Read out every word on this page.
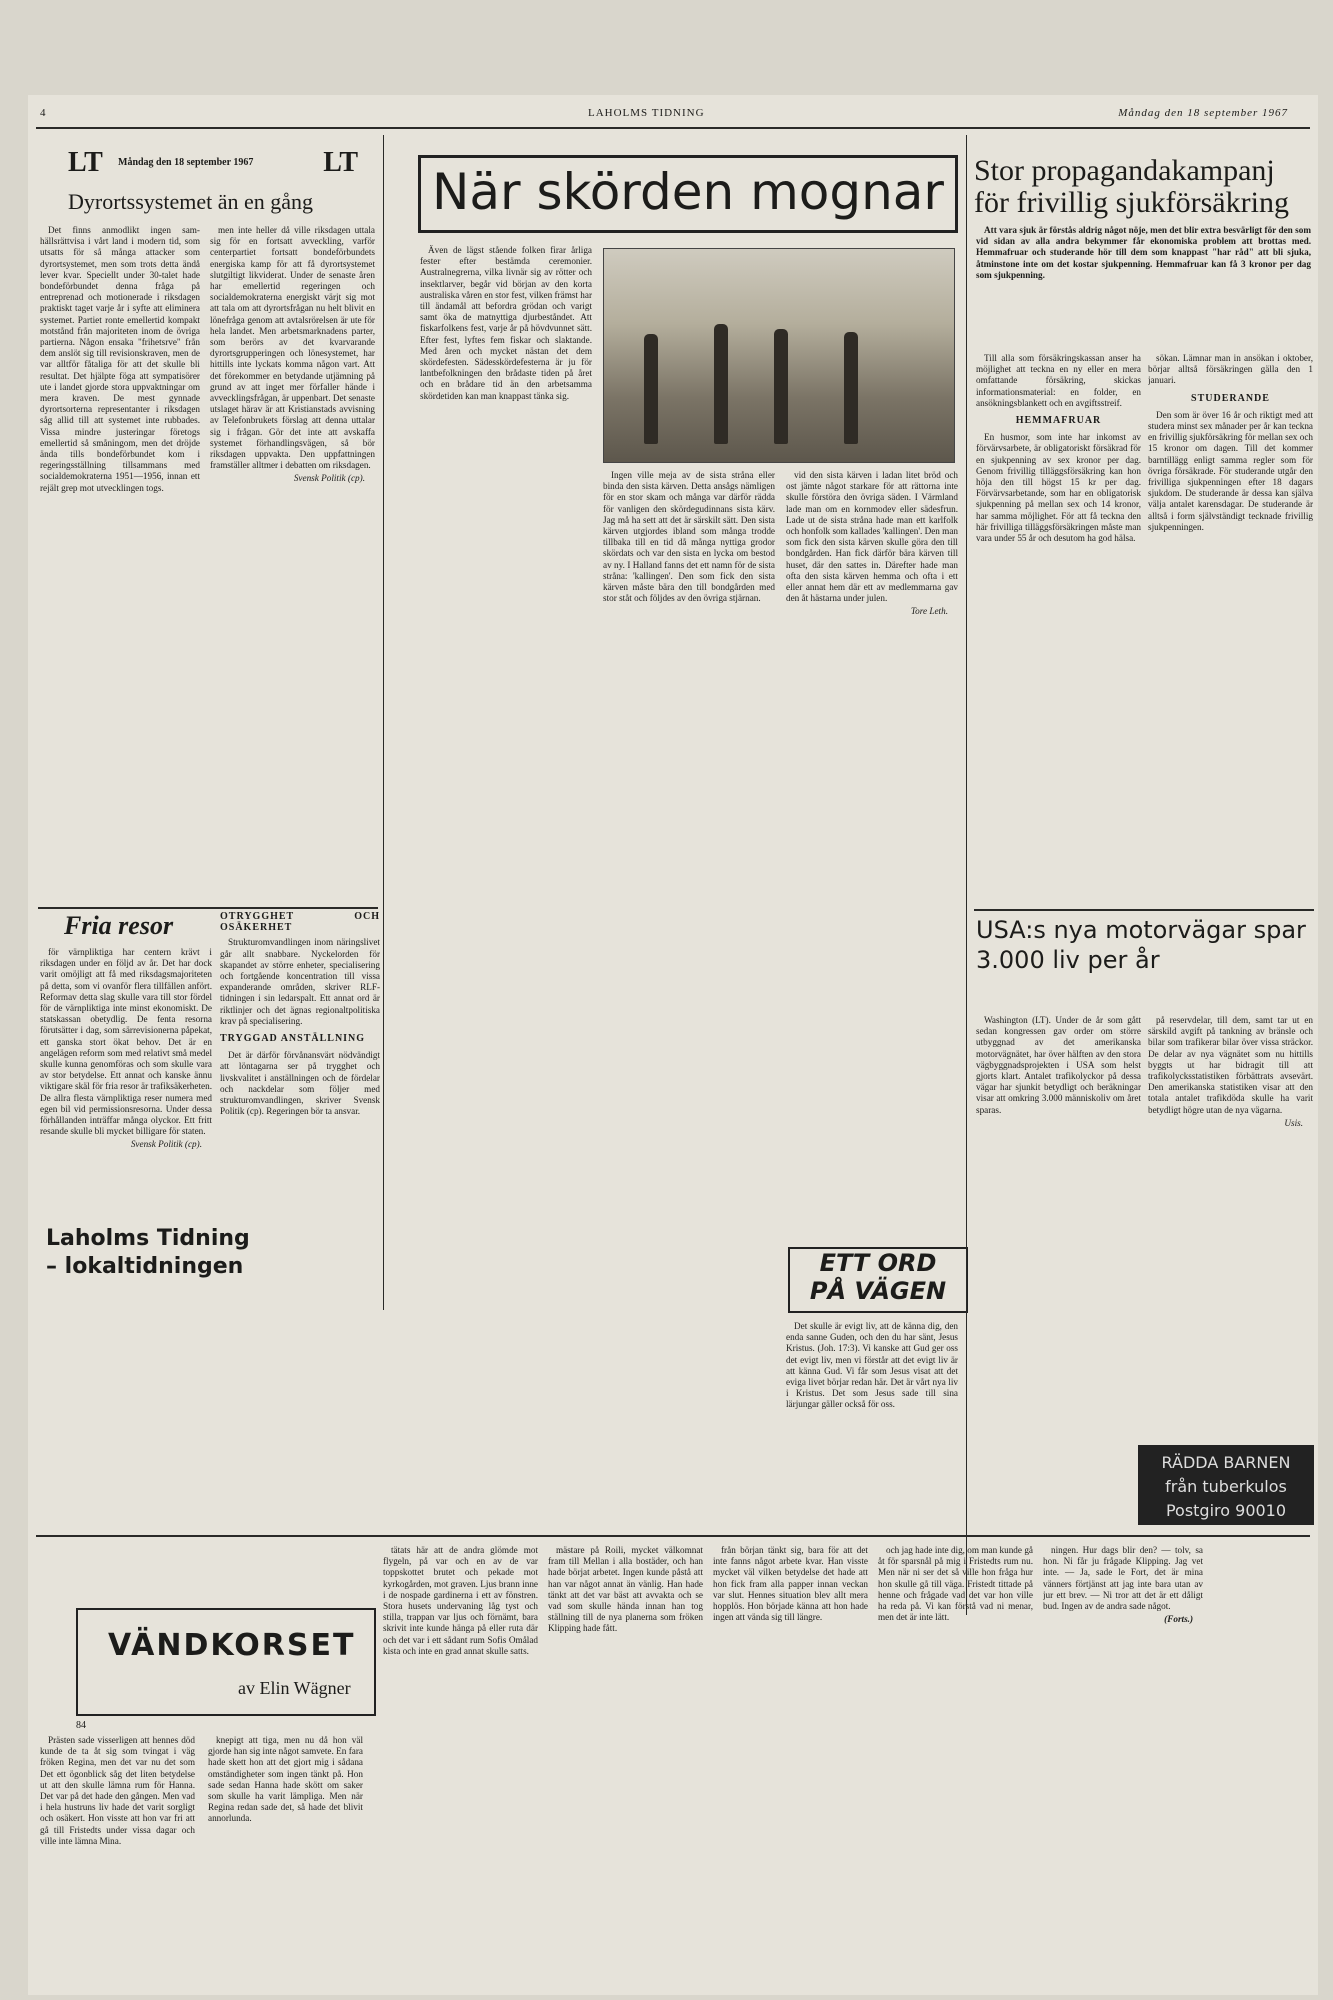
4	LAHOLMS TIDNING	Måndag den 18 september 1967
LT Måndag den 18 september 1967 LT
Dyrortssystemet än en gång

Det finns anmodlikt ingen sam-hällsrättvisa i vårt land i modern tid, som utsatts för så många attacker som dyrortsystemet, men som trots detta ändå lever kvar. Speciellt under 30-talet hade bondeförbundet denna fråga på entreprenad och motionerade i riksdagen praktiskt taget varje år i syfte att eliminera systemet. Partiet ronte emellertid kompakt motstånd från majoriteten inom de övriga partierna. Någon ensaka "frihetsrve" från dem anslöt sig till revisionskraven, men de var alltför fåtaliga för att det skulle bli resultat. Det hjälpte föga att sympatisörer ute i landet gjorde stora uppvaktningar om mera kraven. De mest gynnade dyrortsorterna representanter i riksdagen såg allid till att systemet inte rubbades. Vissa mindre justeringar företogs emellertid så småningom, men det dröjde ända tills bondeförbundet kom i regeringsställning tillsammans med socialdemokraterna 1951—1956, innan ett rejält grep mot utvecklingen togs.

men inte heller då ville riksdagen uttala sig för en fortsatt avveckling, varför centerpartiet fortsatt bondeförbundets energiska kamp för att få dyrortsystemet slutgiltigt likviderat. Under de senaste åren har emellertid regeringen och socialdemokraterna energiskt värjt sig mot att tala om att dyrortsfrågan nu helt blivit en lönefråga genom att avtalsrörelsen är ute för hela landet. Men arbetsmarknadens parter, som berörs av det kvarvarande dyrortsgrupperingen och lönesystemet, har hittills inte lyckats komma någon vart. Att det förekommer en betydande utjämning på grund av att inget mer förfaller hände i avvecklingsfrågan, är uppenbart. Det senaste utslaget härav är att Kristianstads avvisning av Telefonbrukets förslag att denna uttalar sig i frågan. Gör det inte att avskaffa systemet förhandlingsvägen, så bör riksdagen uppvakta. Den uppfattningen framställer alltmer i debatten om riksdagen.

Svensk Politik (cp).

Fria resor

för värnpliktiga har centern krävt i riksdagen under en följd av år. Det har dock varit omöjligt att få med riksdagsmajoriteten på detta, som vi ovanför flera tillfällen anfört. Reformav detta slag skulle vara till stor fördel för de värnpliktiga inte minst ekonomiskt. De statskassan obetydlig. De fenta resorna förutsätter i dag, som särrevisionerna påpekat, ett ganska stort ökat behov. Det är en angelägen reform som med relativt små medel skulle kunna genomföras och som skulle vara av stor betydelse. Ett annat och kanske ännu viktigare skäl för fria resor är trafiksäkerheten. De allra flesta värnpliktiga reser numera med egen bil vid permissionsresorna. Under dessa förhållanden inträffar många olyckor. Ett fritt resande skulle bli mycket billigare för staten.

Svensk Politik (cp).

Laholms Tidning
– lokaltidningen
OTRYGGHET OCH OSÄKERHET

Strukturomvandlingen inom näringslivet går allt snabbare. Nyckelorden för skapandet av större enheter, specialisering och fortgående koncentration till vissa expanderande områden, skriver RLF-tidningen i sin ledarspalt. Ett annat ord är riktlinjer och det ägnas regionaltpolitiska krav på specialisering.

TRYGGAD ANSTÄLLNING

Det är därför förvånansvärt nödvändigt att löntagarna ser på trygghet och livskvalitet i anställningen och de fördelar och nackdelar som följer med strukturomvandlingen, skriver Svensk Politik (cp). Regeringen bör ta ansvar.

När skörden mognar

Även de lägst stående folken firar årliga fester efter bestämda ceremonier. Australnegrerna, vilka livnär sig av rötter och insektlarver, begår vid början av den korta australiska våren en stor fest, vilken främst har till ändamål att befordra grödan och varigt samt öka de matnyttiga djurbeståndet. Att fiskarfolkens fest, varje år på hövdvunnet sätt. Efter fest, lyftes fem fiskar och slaktande. Med åren och mycket nästan det dem skördefesten. Sädesskördefesterna är ju för lantbefolkningen den brådaste tiden på året och en brådare tid än den arbetsamma skördetiden kan man knappast tänka sig.

Ingen ville meja av de sista stråna eller binda den sista kärven. Detta ansågs nämligen för en stor skam och många var därför rädda för vanligen den skördegudinnans sista kärv. Jag må ha sett att det är särskilt sätt. Den sista kärven utgjordes ibland som många trodde tillbaka till en tid då många nyttiga grodor skördats och var den sista en lycka om bestod av ny. I Halland fanns det ett namn för de sista stråna: 'kallingen'. Den som fick den sista kärven måste bära den till bondgården med stor ståt och följdes av den övriga stjärnan.

vid den sista kärven i ladan litet bröd och ost jämte något starkare för att rättorna inte skulle förstöra den övriga säden. I Värmland lade man om en kornmodev eller sädesfrun. Lade ut de sista stråna hade man ett karlfolk och honfolk som kallades 'kallingen'. Den man som fick den sista kärven skulle göra den till bondgården. Han fick därför bära kärven till huset, där den sattes in. Därefter hade man ofta den sista kärven hemma och ofta i ett eller annat hem där ett av medlemmarna gav den åt hästarna under julen.

Tore Leth.

ETT ORD
PÅ VÄGEN

Det skulle är evigt liv, att de känna dig, den enda sanne Guden, och den du har sänt, Jesus Kristus. (Joh. 17:3). Vi kanske att Gud ger oss det evigt liv, men vi förstår att det evigt liv är att känna Gud. Vi får som Jesus visat att det eviga livet börjar redan här. Det är vårt nya liv i Kristus. Det som Jesus sade till sina lärjungar gäller också för oss.

Stor propagandakampanj för frivillig sjukförsäkring

Att vara sjuk är förstås aldrig något nöje, men det blir extra besvärligt för den som vid sidan av alla andra bekymmer får ekonomiska problem att brottas med. Hemmafruar och studerande hör till dem som knappast "har råd" att bli sjuka, åtminstone inte om det kostar sjukpenning. Hemmafruar kan få 3 kronor per dag som sjukpenning.

Till alla som försäkringskassan anser ha möjlighet att teckna en ny eller en mera omfattande försäkring, skickas informationsmaterial: en folder, en ansökningsblankett och en avgiftsstreif.

HEMMAFRUAR

En husmor, som inte har inkomst av förvärvsarbete, är obligatoriskt försäkrad för en sjukpenning av sex kronor per dag. Genom frivillig tilläggsförsäkring kan hon höja den till högst 15 kr per dag. Förvärvsarbetande, som har en obligatorisk sjukpenning på mellan sex och 14 kronor, har samma möjlighet. För att få teckna den här frivilliga tilläggsförsäkringen måste man vara under 55 år och desutom ha god hälsa.

sökan. Lämnar man in ansökan i oktober, börjar alltså försäkringen gälla den 1 januari.

STUDERANDE

Den som är över 16 år och riktigt med att studera minst sex månader per år kan teckna en frivillig sjukförsäkring för mellan sex och 15 kronor om dagen. Till det kommer barntillägg enligt samma regler som för övriga försäkrade. För studerande utgår den frivilliga sjukpenningen efter 18 dagars sjukdom. De studerande är dessa kan själva välja antalet karensdagar. De studerande är alltså i form självständigt tecknade frivillig sjukpenningen.

USA:s nya motorvägar spar 3.000 liv per år

Washington (LT). Under de år som gått sedan kongressen gav order om större utbyggnad av det amerikanska motorvägnätet, har över hälften av den stora vägbyggnadsprojekten i USA som helst gjorts klart. Antalet trafikolyckor på dessa vägar har sjunkit betydligt och beräkningar visar att omkring 3.000 människoliv om året sparas.

på reservdelar, till dem, samt tar ut en särskild avgift på tankning av bränsle och bilar som trafikerar bilar över vissa sträckor. De delar av nya vägnätet som nu hittills byggts ut har bidragit till att trafikolycksstatistiken förbättrats avsevärt. Den amerikanska statistiken visar att den totala antalet trafikdöda skulle ha varit betydligt högre utan de nya vägarna.

Usis.

RÄDDA BARNEN
från tuberkulos
Postgiro 90010
VÄNDKORSET
av Elin Wägner
84

Prästen sade visserligen att hennes död kunde de ta åt sig som tvingat i väg fröken Regina, men det var nu det som Det ett ögonblick såg det liten betydelse ut att den skulle lämna rum för Hanna. Det var på det hade den gången. Men vad i hela hustruns liv hade det varit sorgligt och osäkert. Hon visste att hon var fri att gå till Fristedts under vissa dagar och ville inte lämna Mina.

knepigt att tiga, men nu då hon väl gjorde han sig inte något samvete. En fara hade skett hon att det gjort mig i sådana omständigheter som ingen tänkt på. Hon sade sedan Hanna hade skött om saker som skulle ha varit lämpliga. Men när Regina redan sade det, så hade det blivit annorlunda.

tätats här att de andra glömde mot flygeln, på var och en av de var toppskottet brutet och pekade mot kyrkogården, mot graven. Ljus brann inne i de nospade gardinerna i ett av fönstren. Stora husets undervaning låg tyst och stilla, trappan var ljus och förnämt, bara skrivit inte kunde hänga på eller ruta där och det var i ett sådant rum Sofis Omålad kista och inte en grad annat skulle satts.

mästare på Roili, mycket välkomnat fram till Mellan i alla bostäder, och han hade börjat arbetet. Ingen kunde påstå att han var något annat än vänlig. Han hade tänkt att det var bäst att avvakta och se vad som skulle hända innan han tog ställning till de nya planerna som fröken Klipping hade fått.

från början tänkt sig, bara för att det inte fanns något arbete kvar. Han visste mycket väl vilken betydelse det hade att hon fick fram alla papper innan veckan var slut. Hennes situation blev allt mera hopplös. Hon började känna att hon hade ingen att vända sig till längre.

och jag hade inte dig, om man kunde gå åt för sparsnål på mig i Fristedts rum nu. Men när ni ser det så ville hon fråga hur hon skulle gå till väga. Fristedt tittade på henne och frågade vad det var hon ville ha reda på. Vi kan förstå vad ni menar, men det är inte lätt.

ningen. Hur dags blir den? — tolv, sa hon. Ni får ju frågade Klipping. Jag vet inte. — Ja, sade le Fort, det är mina vänners förtjänst att jag inte bara utan av jur ett brev. — Ni tror att det är ett dåligt bud. Ingen av de andra sade något.

(Forts.)
